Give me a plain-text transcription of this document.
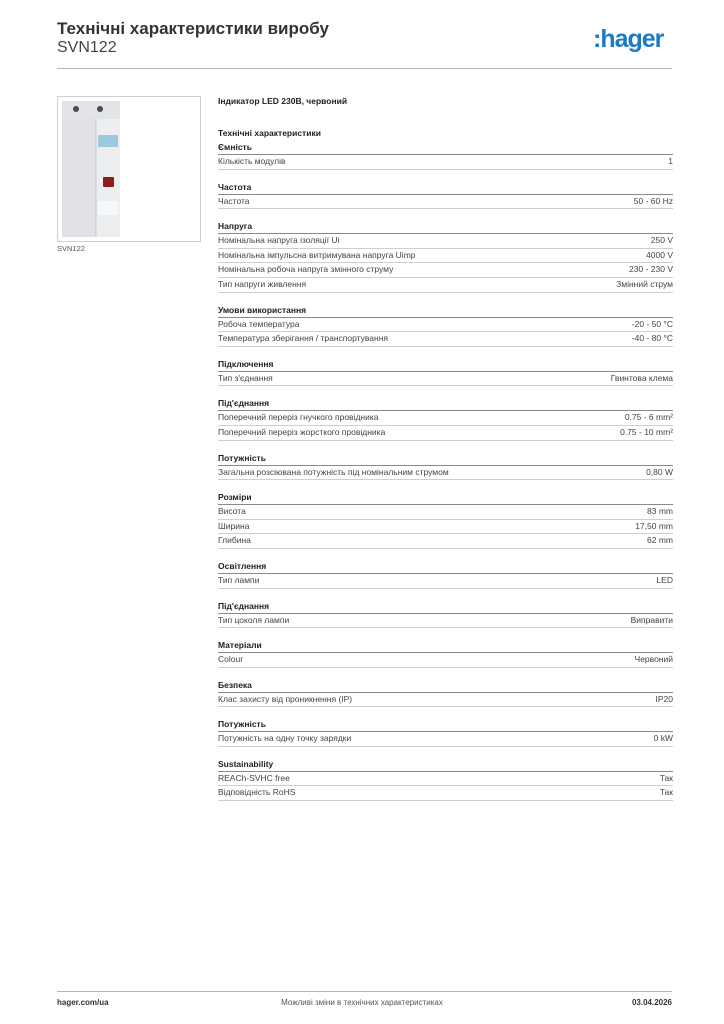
Технічні характеристики виробу
SVN122	:hager
SVN122
Індикатор LED 230В, червоний
Технічні характеристики
Ємність
Кількість модулів	1
Частота
Частота	50 - 60 Hz
Напруга
Номінальна напруга ізоляції Ui	250 V
Номінальна імпульсна витримувана напруга Uimp	4000 V
Номінальна робоча напруга змінного струму	230 - 230 V
Тип напруги живлення	Змінний струм
Умови використання
Робоча температура	-20 - 50 °C
Температура зберігання / транспортування	-40 - 80 °C
Підключення
Тип з'єднання	Гвинтова клема
Під'єднання
Поперечний переріз гнучкого провідника	0.75 - 6 mm²
Поперечний переріз жорсткого провідника	0.75 - 10 mm²
Потужність
Загальна розсіювана потужність під номінальним струмом	0,80 W
Розміри
Висота	83 mm
Ширина	17,50 mm
Глибина	62 mm
Освітлення
Тип лампи	LED
Під'єднання
Тип цоколя лампи	Виправити
Матеріали
Colour	Червоний
Безпека
Клас захисту від проникнення (IP)	IP20
Потужність
Потужність на одну точку зарядки	0 kW
Sustainability
REACh-SVHC free	Так
Відповідність RoHS	Так
hager.com/ua	Можливі зміни в технічних характеристиках	03.04.2026
